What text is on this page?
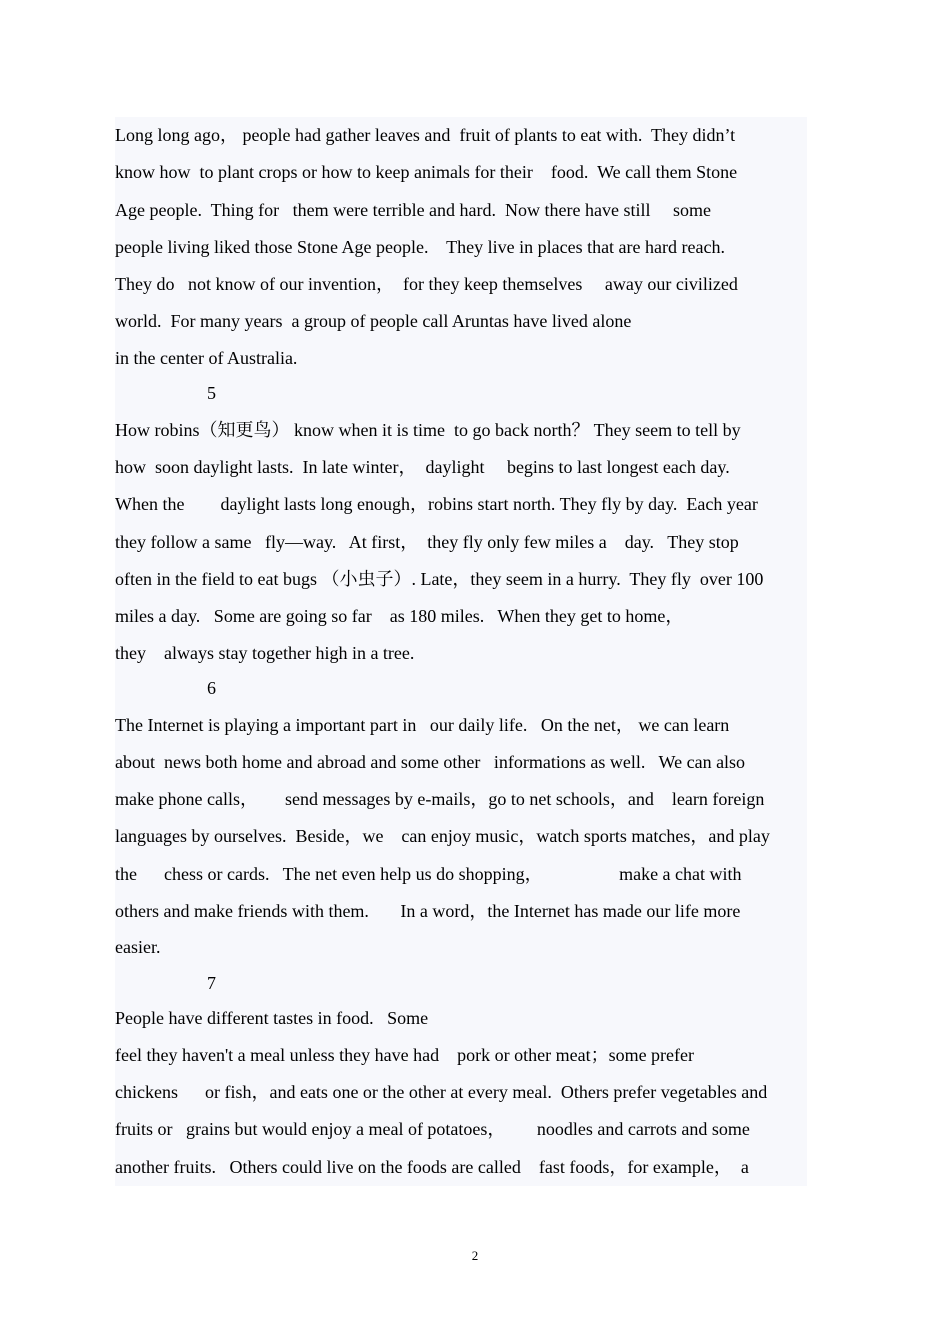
Long long ago， people had gather leaves and  fruit of plants to eat with.  They didn’t
know how  to plant crops or how to keep animals for their    food.  We call them Stone
Age people.  Thing for   them were terrible and hard.  Now there have still     some
people living liked those Stone Age people.    They live in places that are hard reach.
They do   not know of our invention，  for they keep themselves     away our civilized
world.  For many years  a group of people call Aruntas have lived alone
in the center of Australia.
5
How robins（知更鸟） know when it is time  to go back north？ They seem to tell by
how  soon daylight lasts.  In late winter，  daylight     begins to last longest each day.
When the        daylight lasts long enough，robins start north. They fly by day.  Each year
they follow a same   fly—way.   At first，  they fly only few miles a    day.   They stop
often in the field to eat bugs （小虫子）. Late，they seem in a hurry.  They fly  over 100
miles a day.   Some are going so far    as 180 miles.   When they get to home，
they    always stay together high in a tree.
6
The Internet is playing a important part in   our daily life.   On the net， we can learn
about  news both home and abroad and some other   informations as well.   We can also
make phone calls，      send messages by e-mails，go to net schools，and    learn foreign
languages by ourselves.  Beside，we    can enjoy music，watch sports matches，and play
the      chess or cards.   The net even help us do shopping，                 make a chat with
others and make friends with them.       In a word，the Internet has made our life more
easier.
7
People have different tastes in food.   Some
feel they haven't a meal unless they have had    pork or other meat；some prefer
chickens      or fish，and eats one or the other at every meal.  Others prefer vegetables and
fruits or   grains but would enjoy a meal of potatoes，       noodles and carrots and some
another fruits.   Others could live on the foods are called    fast foods，for example，  a
2
